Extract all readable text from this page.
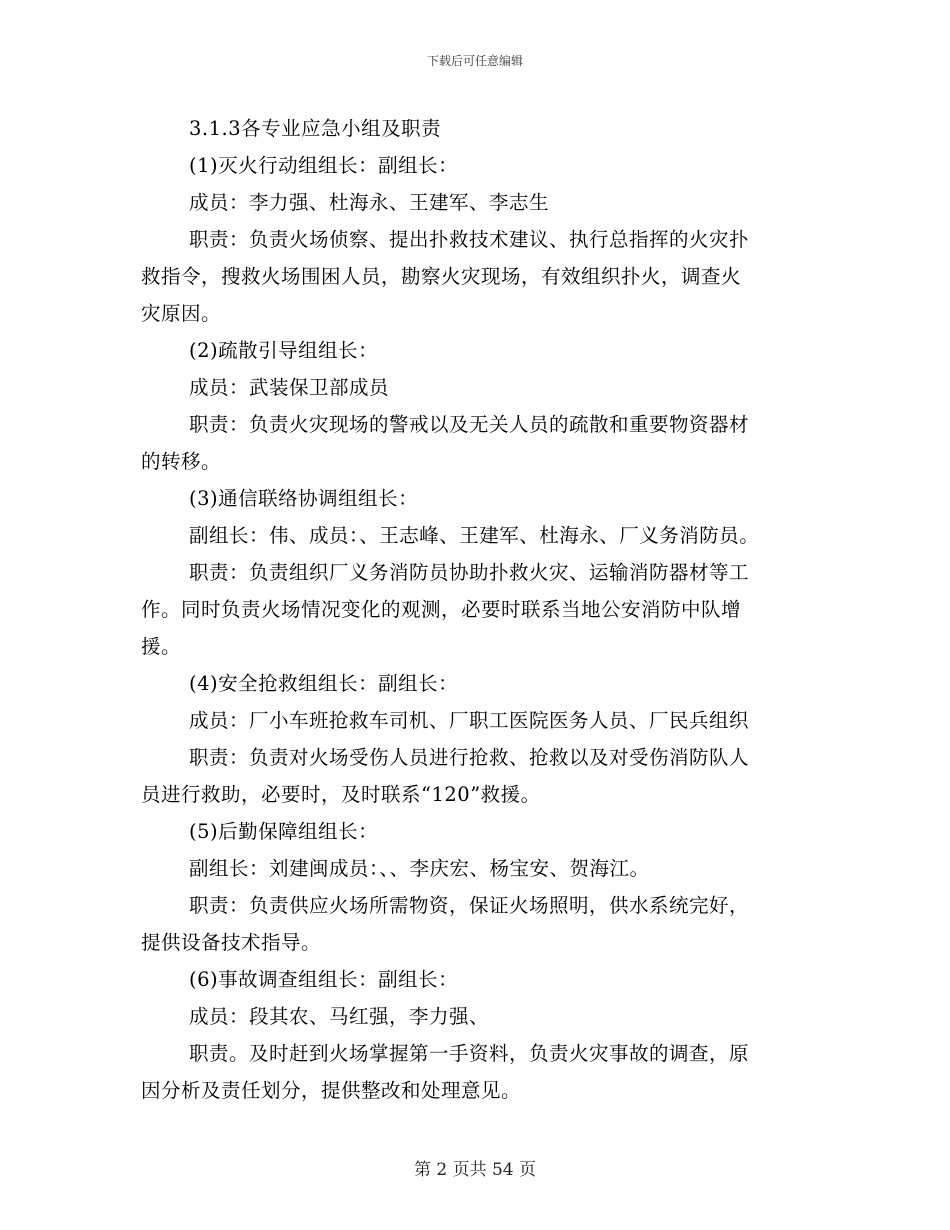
下载后可任意编辑
3.1.3各专业应急小组及职责
(1)灭火行动组组长：副组长：
成员：李力强、杜海永、王建军、李志生
职责：负责火场侦察、提出扑救技术建议、执行总指挥的火灾扑
救指令，搜救火场围困人员，勘察火灾现场，有效组织扑火，调查火
灾原因。
(2)疏散引导组组长：
成员：武装保卫部成员
职责：负责火灾现场的警戒以及无关人员的疏散和重要物资器材
的转移。
(3)通信联络协调组组长：
副组长：伟、成员：、王志峰、王建军、杜海永、厂义务消防员。
职责：负责组织厂义务消防员协助扑救火灾、运输消防器材等工
作。同时负责火场情况变化的观测，必要时联系当地公安消防中队增
援。
(4)安全抢救组组长：副组长：
成员：厂小车班抢救车司机、厂职工医院医务人员、厂民兵组织
职责：负责对火场受伤人员进行抢救、抢救以及对受伤消防队人
员进行救助，必要时，及时联系“120”救援。
(5)后勤保障组组长：
副组长：刘建闽成员：、、李庆宏、杨宝安、贺海江。
职责：负责供应火场所需物资，保证火场照明，供水系统完好，
提供设备技术指导。
(6)事故调查组组长：副组长：
成员：段其农、马红强，李力强、
职责。及时赶到火场掌握第一手资料，负责火灾事故的调查，原
因分析及责任划分，提供整改和处理意见。
第 2 页共 54 页
